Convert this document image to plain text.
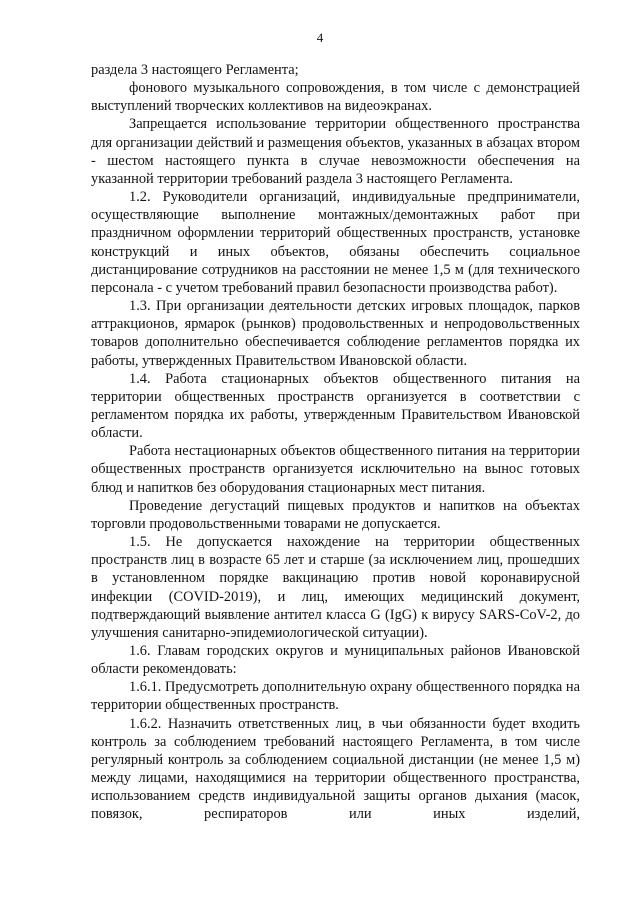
4

раздела 3 настоящего Регламента;

фонового музыкального сопровождения, в том числе с демонстрацией выступлений творческих коллективов на видеоэкранах.

Запрещается использование территории общественного пространства для организации действий и размещения объектов, указанных в абзацах втором - шестом настоящего пункта в случае невозможности обеспечения на указанной территории требований раздела 3 настоящего Регламента.

1.2. Руководители организаций, индивидуальные предприниматели, осуществляющие выполнение монтажных/демонтажных работ при праздничном оформлении территорий общественных пространств, установке конструкций и иных объектов, обязаны обеспечить социальное дистанцирование сотрудников на расстоянии не менее 1,5 м (для технического персонала - с учетом требований правил безопасности производства работ).

1.3. При организации деятельности детских игровых площадок, парков аттракционов, ярмарок (рынков) продовольственных и непродовольственных товаров дополнительно обеспечивается соблюдение регламентов порядка их работы, утвержденных Правительством Ивановской области.

1.4. Работа стационарных объектов общественного питания на территории общественных пространств организуется в соответствии с регламентом порядка их работы, утвержденным Правительством Ивановской области.

Работа нестационарных объектов общественного питания на территории общественных пространств организуется исключительно на вынос готовых блюд и напитков без оборудования стационарных мест питания.

Проведение дегустаций пищевых продуктов и напитков на объектах торговли продовольственными товарами не допускается.

1.5. Не допускается нахождение на территории общественных пространств лиц в возрасте 65 лет и старше (за исключением лиц, прошедших в установленном порядке вакцинацию против новой коронавирусной инфекции (COVID-2019), и лиц, имеющих медицинский документ, подтверждающий выявление антител класса G (IgG) к вирусу SARS-CoV-2, до улучшения санитарно-эпидемиологической ситуации).

1.6. Главам городских округов и муниципальных районов Ивановской области рекомендовать:

1.6.1. Предусмотреть дополнительную охрану общественного порядка на территории общественных пространств.

1.6.2. Назначить ответственных лиц, в чьи обязанности будет входить контроль за соблюдением требований настоящего Регламента, в том числе регулярный контроль за соблюдением социальной дистанции (не менее 1,5 м) между лицами, находящимися на территории общественного пространства, использованием средств индивидуальной защиты органов дыхания (масок, повязок, респираторов или иных изделий,
